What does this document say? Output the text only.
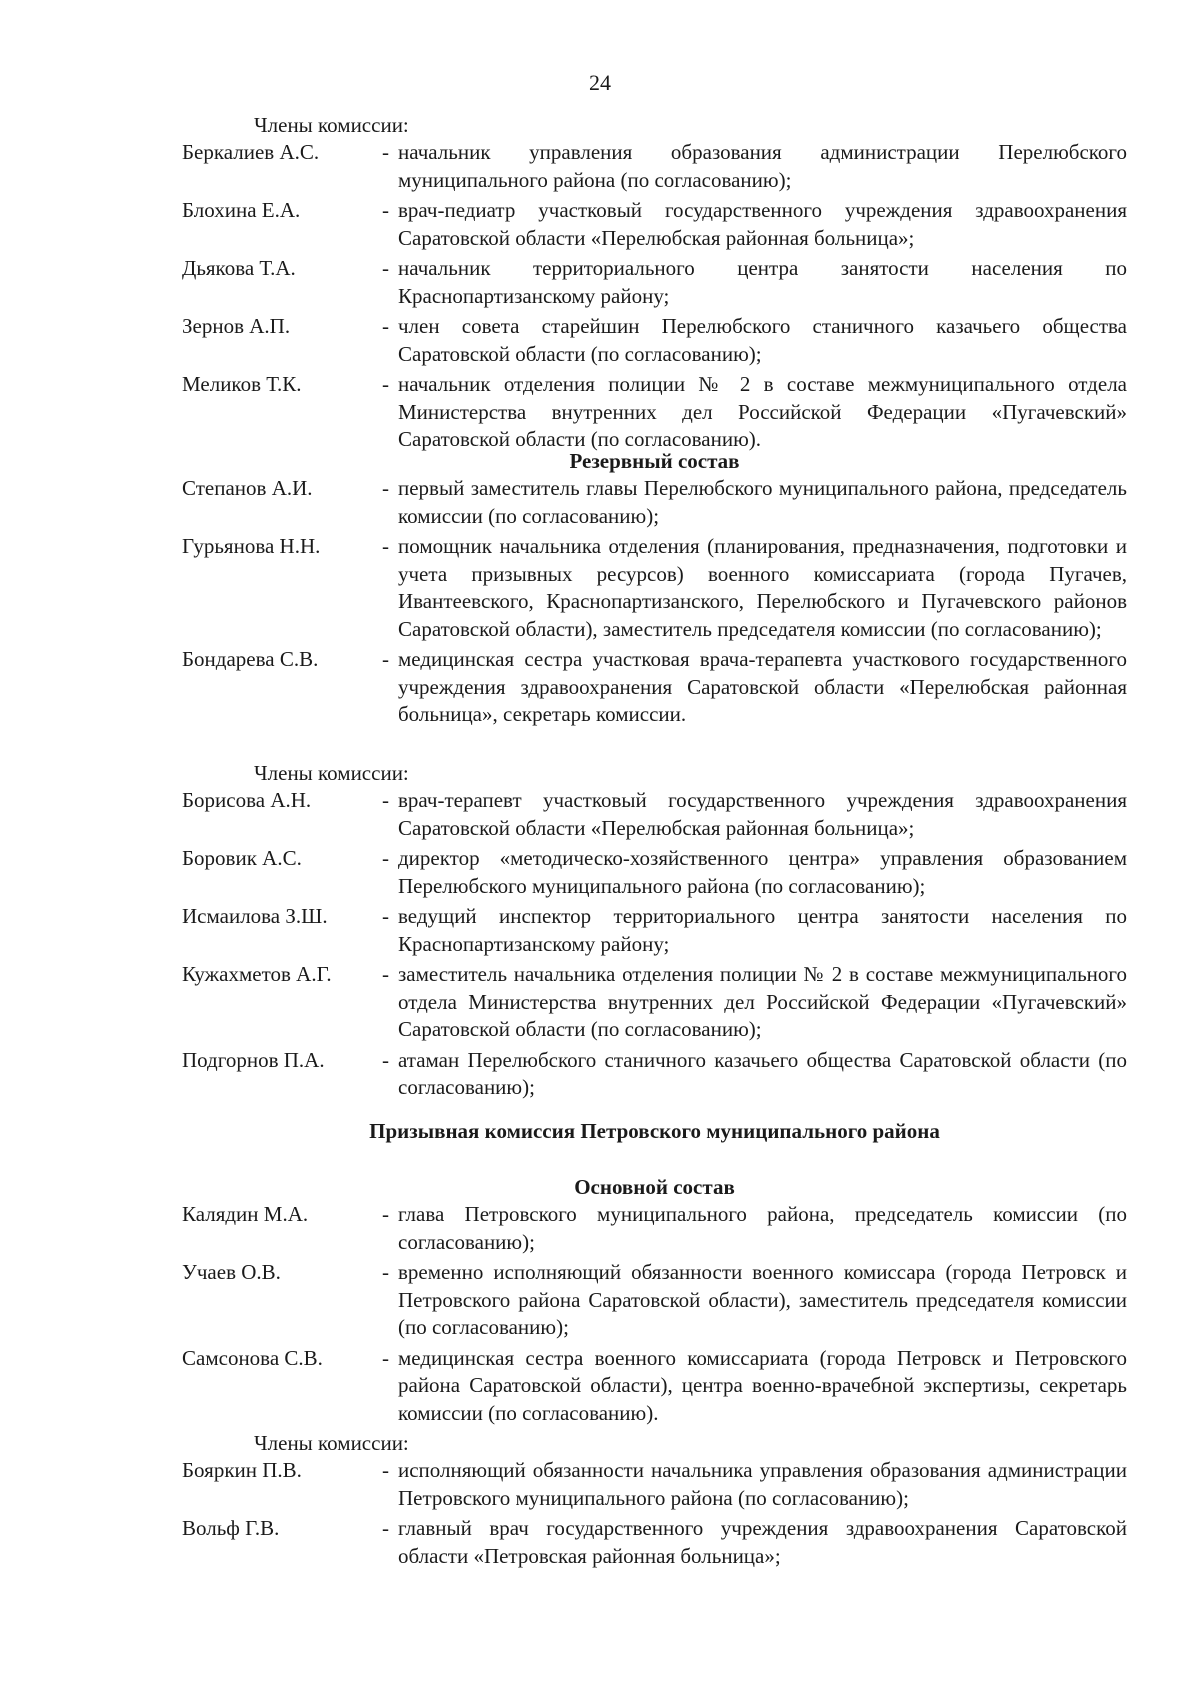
24
Члены комиссии:
Беркалиев А.С.	- начальник управления образования администрации Перелюбского муниципального района (по согласованию);
Блохина Е.А.	- врач-педиатр участковый государственного учреждения здравоохранения Саратовской области «Перелюбская районная больница»;
Дьякова Т.А.	- начальник территориального центра занятости населения по Краснопартизанскому району;
Зернов А.П.	- член совета старейшин Перелюбского станичного казачьего общества Саратовской области (по согласованию);
Меликов Т.К.	- начальник отделения полиции № 2 в составе межмуниципального отдела Министерства внутренних дел Российской Федерации «Пугачевский» Саратовской области (по согласованию).
Резервный состав
Степанов А.И.	- первый заместитель главы Перелюбского муниципального района, председатель комиссии (по согласованию);
Гурьянова Н.Н.	- помощник начальника отделения (планирования, предназначения, подготовки и учета призывных ресурсов) военного комиссариата (города Пугачев, Ивантеевского, Краснопартизанского, Перелюбского и Пугачевского районов Саратовской области), заместитель председателя комиссии (по согласованию);
Бондарева С.В.	- медицинская сестра участковая врача-терапевта участкового государственного учреждения здравоохранения Саратовской области «Перелюбская районная больница», секретарь комиссии.
Члены комиссии:
Борисова А.Н.	- врач-терапевт участковый государственного учреждения здравоохранения Саратовской области «Перелюбская районная больница»;
Боровик А.С.	- директор «методическо-хозяйственного центра» управления образованием Перелюбского муниципального района (по согласованию);
Исмаилова З.Ш.	- ведущий инспектор территориального центра занятости населения по Краснопартизанскому району;
Кужахметов А.Г.	- заместитель начальника отделения полиции № 2 в составе межмуниципального отдела Министерства внутренних дел Российской Федерации «Пугачевский» Саратовской области (по согласованию);
Подгорнов П.А.	- атаман Перелюбского станичного казачьего общества Саратовской области (по согласованию);
Призывная комиссия Петровского муниципального района
Основной состав
Калядин М.А.	- глава Петровского муниципального района, председатель комиссии (по согласованию);
Учаев О.В.	- временно исполняющий обязанности военного комиссара (города Петровск и Петровского района Саратовской области), заместитель председателя комиссии (по согласованию);
Самсонова С.В.	- медицинская сестра военного комиссариата (города Петровск и Петровского района Саратовской области), центра военно-врачебной экспертизы, секретарь комиссии (по согласованию).
Члены комиссии:
Бояркин П.В.	- исполняющий обязанности начальника управления образования администрации Петровского муниципального района (по согласованию);
Вольф Г.В.	- главный врач государственного учреждения здравоохранения Саратовской области «Петровская районная больница»;
